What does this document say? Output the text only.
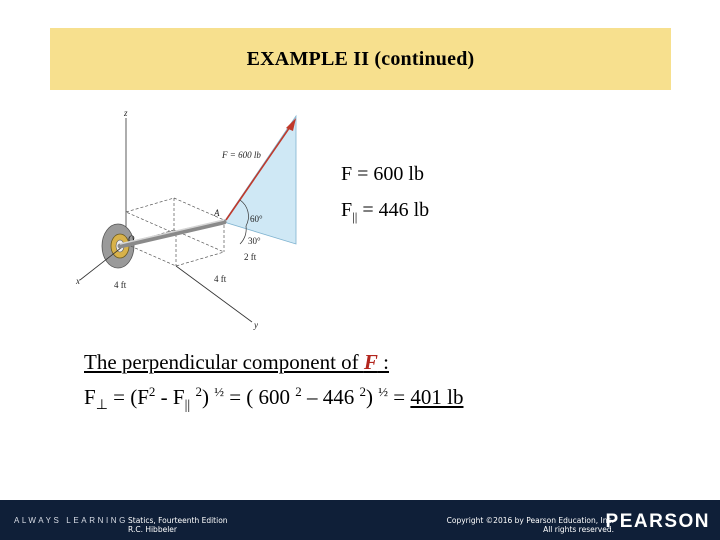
EXAMPLE II (continued)
z
O
x
y
A
F = 600 lb
60°
30°
2 ft
4 ft
4 ft
F = 600 lb
$F_{||} = 446$ lb
The perpendicular component of F :
$F_\perp = (F^2 - F_{||}$ $^2$) $^{\frac{1}{2}}$ = ( 600 $^2$ – 446 $^2$) $^{\frac{1}{2}}$ = 401 lb
ALWAYS LEARNING Statics, Fourteenth Edition
R.C. Hibbeler
Copyright ©2016 by Pearson Education, Inc.
All rights reserved.
PEARSON
